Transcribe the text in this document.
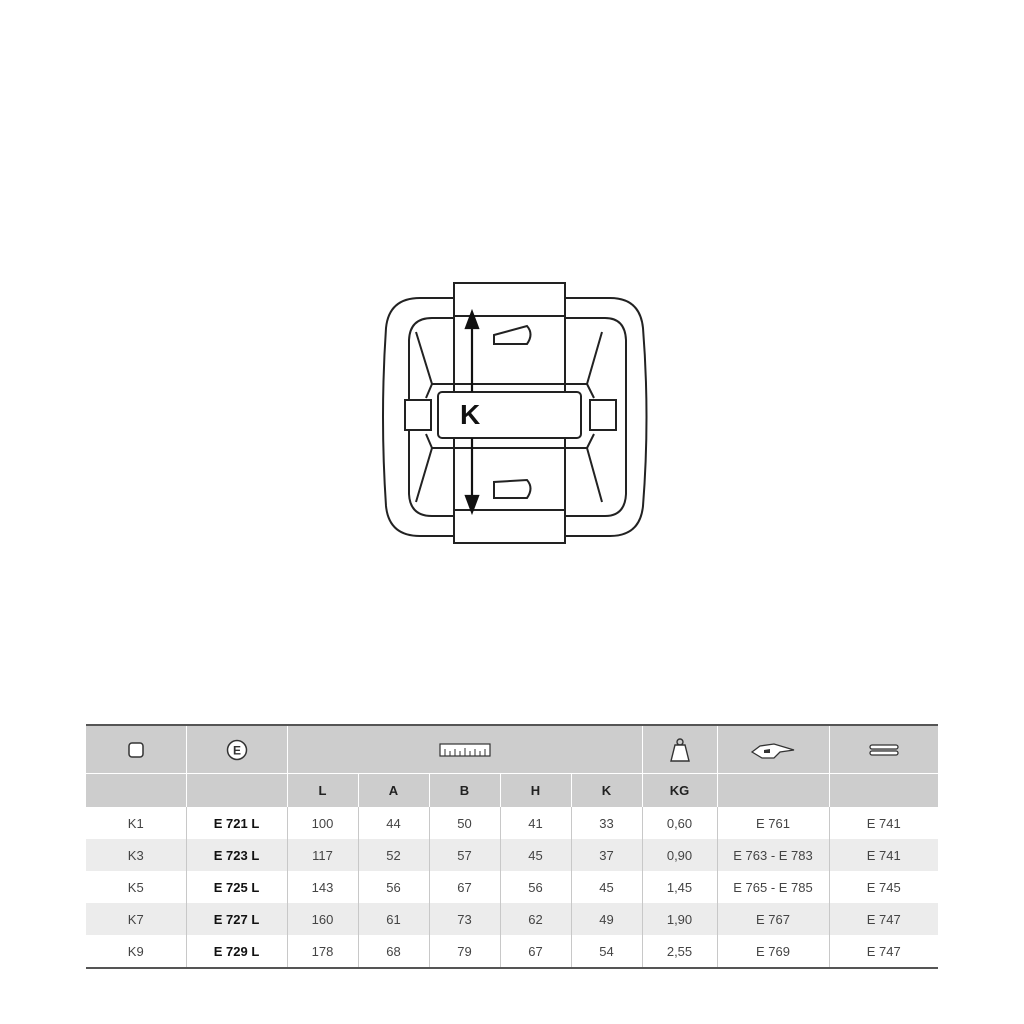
K

E

		L	A	B	H	K	KG		
K1	E 721 L	100	44	50	41	33	0,60	E 761	E 741
K3	E 723 L	117	52	57	45	37	0,90	E 763 - E 783	E 741
K5	E 725 L	143	56	67	56	45	1,45	E 765 - E 785	E 745
K7	E 727 L	160	61	73	62	49	1,90	E 767	E 747
K9	E 729 L	178	68	79	67	54	2,55	E 769	E 747
